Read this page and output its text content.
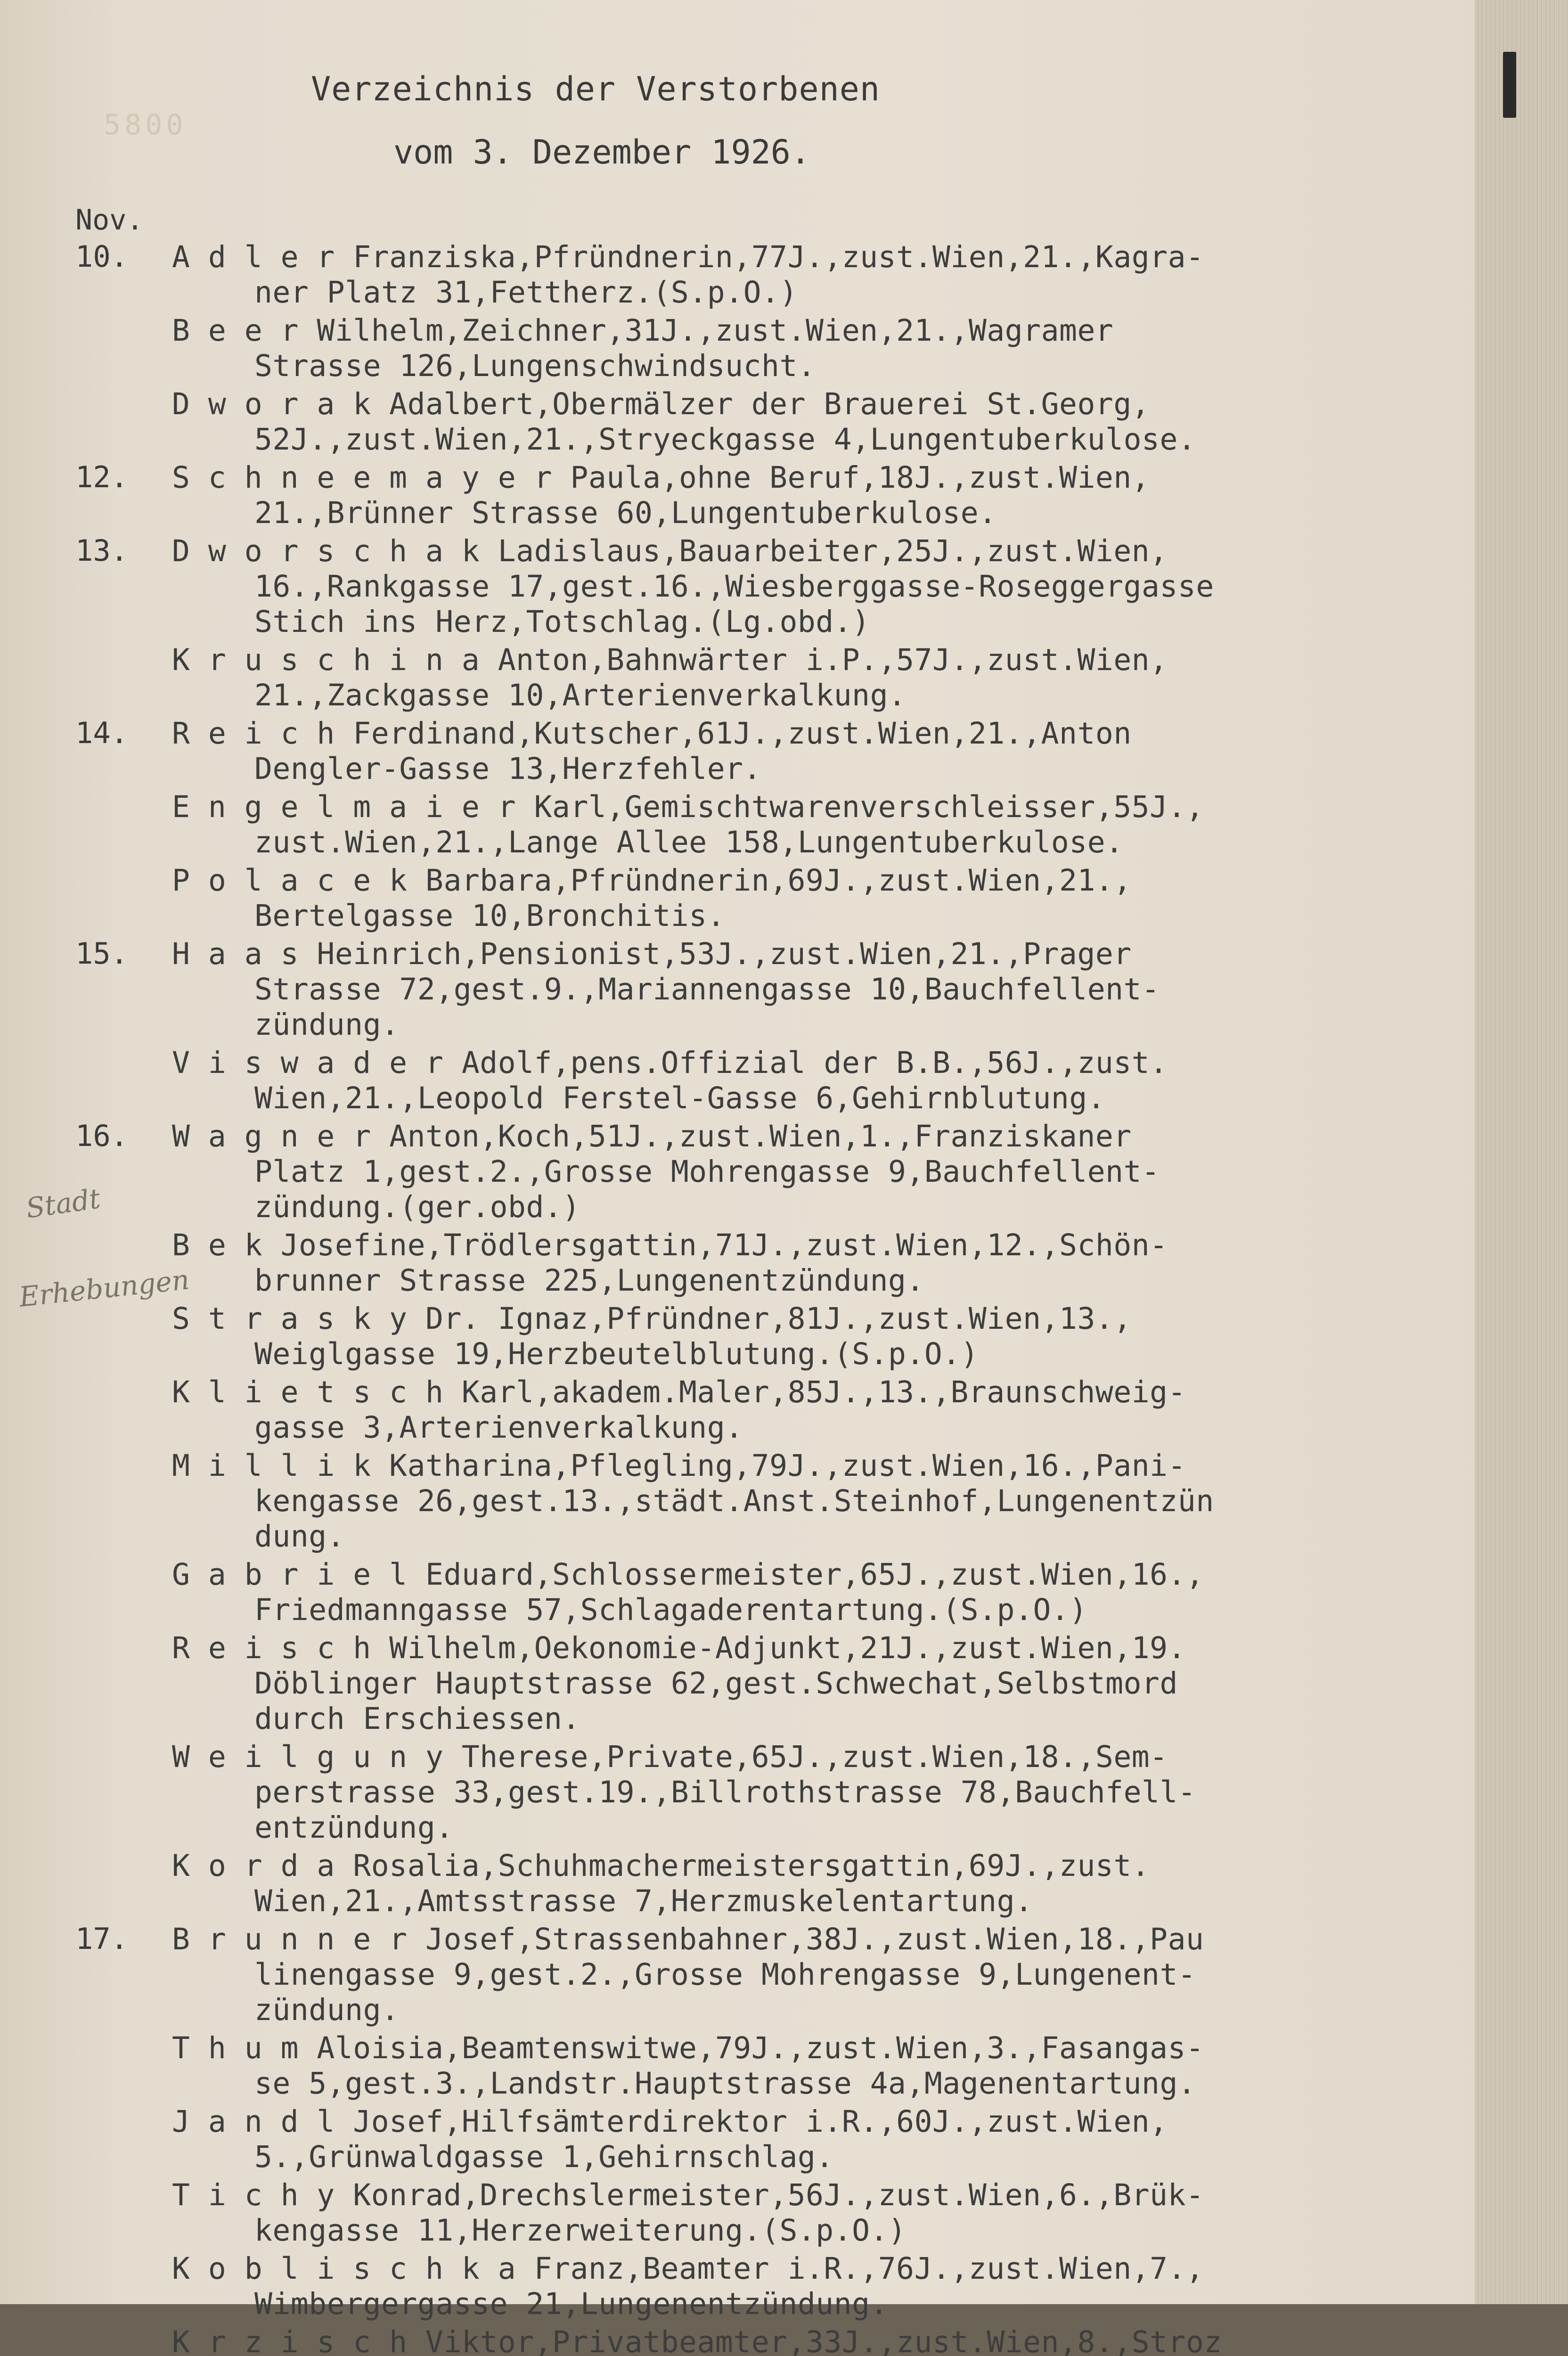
5800
Verzeichnis der Verstorbenen
vom 3. Dezember 1926.
Nov.
Stadt
Erhebungen
10. A d l e r Franziska,Pfründnerin,77J.,zust.Wien,21.,Kagra-
ner Platz 31,Fettherz.(S.p.O.)
B e e r Wilhelm,Zeichner,31J.,zust.Wien,21.,Wagramer
Strasse 126,Lungenschwindsucht.
D w o r a k Adalbert,Obermälzer der Brauerei St.Georg,
52J.,zust.Wien,21.,Stryeckgasse 4,Lungentuberkulose.
12. S c h n e e m a y e r Paula,ohne Beruf,18J.,zust.Wien,
21.,Brünner Strasse 60,Lungentuberkulose.
13. D w o r s c h a k Ladislaus,Bauarbeiter,25J.,zust.Wien,
16.,Rankgasse 17,gest.16.,Wiesberggasse-Roseggergasse
Stich ins Herz,Totschlag.(Lg.obd.)
K r u s c h i n a Anton,Bahnwärter i.P.,57J.,zust.Wien,
21.,Zackgasse 10,Arterienverkalkung.
14. R e i c h Ferdinand,Kutscher,61J.,zust.Wien,21.,Anton
Dengler-Gasse 13,Herzfehler.
E n g e l m a i e r Karl,Gemischtwarenverschleisser,55J.,
zust.Wien,21.,Lange Allee 158,Lungentuberkulose.
P o l a c e k Barbara,Pfründnerin,69J.,zust.Wien,21.,
Bertelgasse 10,Bronchitis.
15. H a a s Heinrich,Pensionist,53J.,zust.Wien,21.,Prager
Strasse 72,gest.9.,Mariannengasse 10,Bauchfellent-
zündung.
V i s w a d e r Adolf,pens.Offizial der B.B.,56J.,zust.
Wien,21.,Leopold Ferstel-Gasse 6,Gehirnblutung.
16. W a g n e r Anton,Koch,51J.,zust.Wien,1.,Franziskaner
Platz 1,gest.2.,Grosse Mohrengasse 9,Bauchfellent-
zündung.(ger.obd.)
B e k Josefine,Trödlersgattin,71J.,zust.Wien,12.,Schön-
brunner Strasse 225,Lungenentzündung.
S t r a s k y Dr. Ignaz,Pfründner,81J.,zust.Wien,13.,
Weiglgasse 19,Herzbeutelblutung.(S.p.O.)
K l i e t s c h Karl,akadem.Maler,85J.,13.,Braunschweig-
gasse 3,Arterienverkalkung.
M i l l i k Katharina,Pflegling,79J.,zust.Wien,16.,Pani-
kengasse 26,gest.13.,städt.Anst.Steinhof,Lungenentzün
dung.
G a b r i e l Eduard,Schlossermeister,65J.,zust.Wien,16.,
Friedmanngasse 57,Schlagaderentartung.(S.p.O.)
R e i s c h Wilhelm,Oekonomie-Adjunkt,21J.,zust.Wien,19.
Döblinger Hauptstrasse 62,gest.Schwechat,Selbstmord
durch Erschiessen.
W e i l g u n y Therese,Private,65J.,zust.Wien,18.,Sem-
perstrasse 33,gest.19.,Billrothstrasse 78,Bauchfell-
entzündung.
K o r d a Rosalia,Schuhmachermeistersgattin,69J.,zust.
Wien,21.,Amtsstrasse 7,Herzmuskelentartung.
17. B r u n n e r Josef,Strassenbahner,38J.,zust.Wien,18.,Pau
linengasse 9,gest.2.,Grosse Mohrengasse 9,Lungenent-
zündung.
T h u m Aloisia,Beamtenswitwe,79J.,zust.Wien,3.,Fasangas-
se 5,gest.3.,Landstr.Hauptstrasse 4a,Magenentartung.
J a n d l Josef,Hilfsämterdirektor i.R.,60J.,zust.Wien,
5.,Grünwaldgasse 1,Gehirnschlag.
T i c h y Konrad,Drechslermeister,56J.,zust.Wien,6.,Brük-
kengasse 11,Herzerweiterung.(S.p.O.)
K o b l i s c h k a Franz,Beamter i.R.,76J.,zust.Wien,7.,
Wimbergergasse 21,Lungenentzündung.
K r z i s c h Viktor,Privatbeamter,33J.,zust.Wien,8.,Stroz
